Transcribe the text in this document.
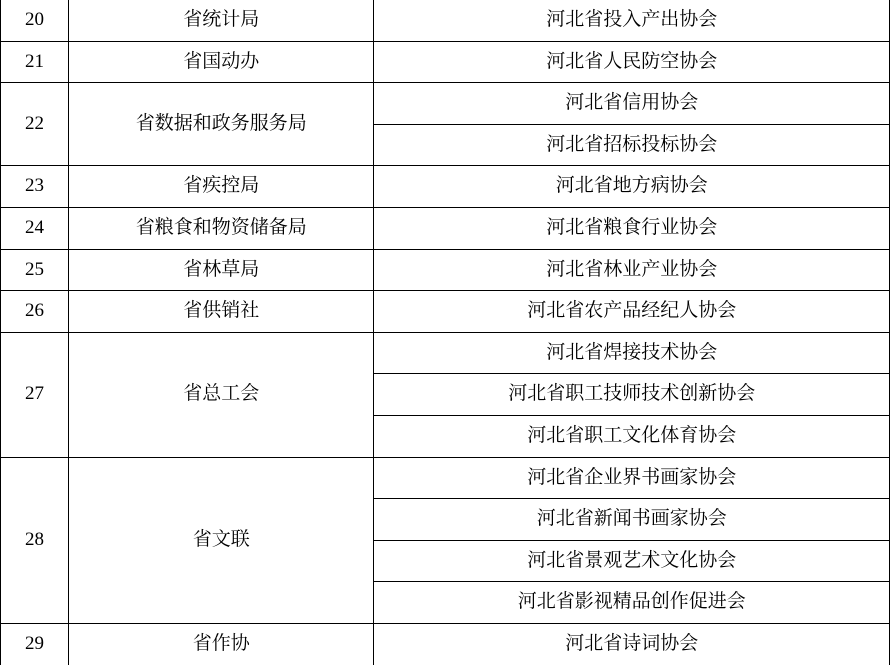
20	省统计局	河北省投入产出协会
21	省国动办	河北省人民防空协会
22	省数据和政务服务局	河北省信用协会
		河北省招标投标协会
23	省疾控局	河北省地方病协会
24	省粮食和物资储备局	河北省粮食行业协会
25	省林草局	河北省林业产业协会
26	省供销社	河北省农产品经纪人协会
27	省总工会	河北省焊接技术协会
		河北省职工技师技术创新协会
		河北省职工文化体育协会
28	省文联	河北省企业界书画家协会
		河北省新闻书画家协会
		河北省景观艺术文化协会
		河北省影视精品创作促进会
29	省作协	河北省诗词协会
